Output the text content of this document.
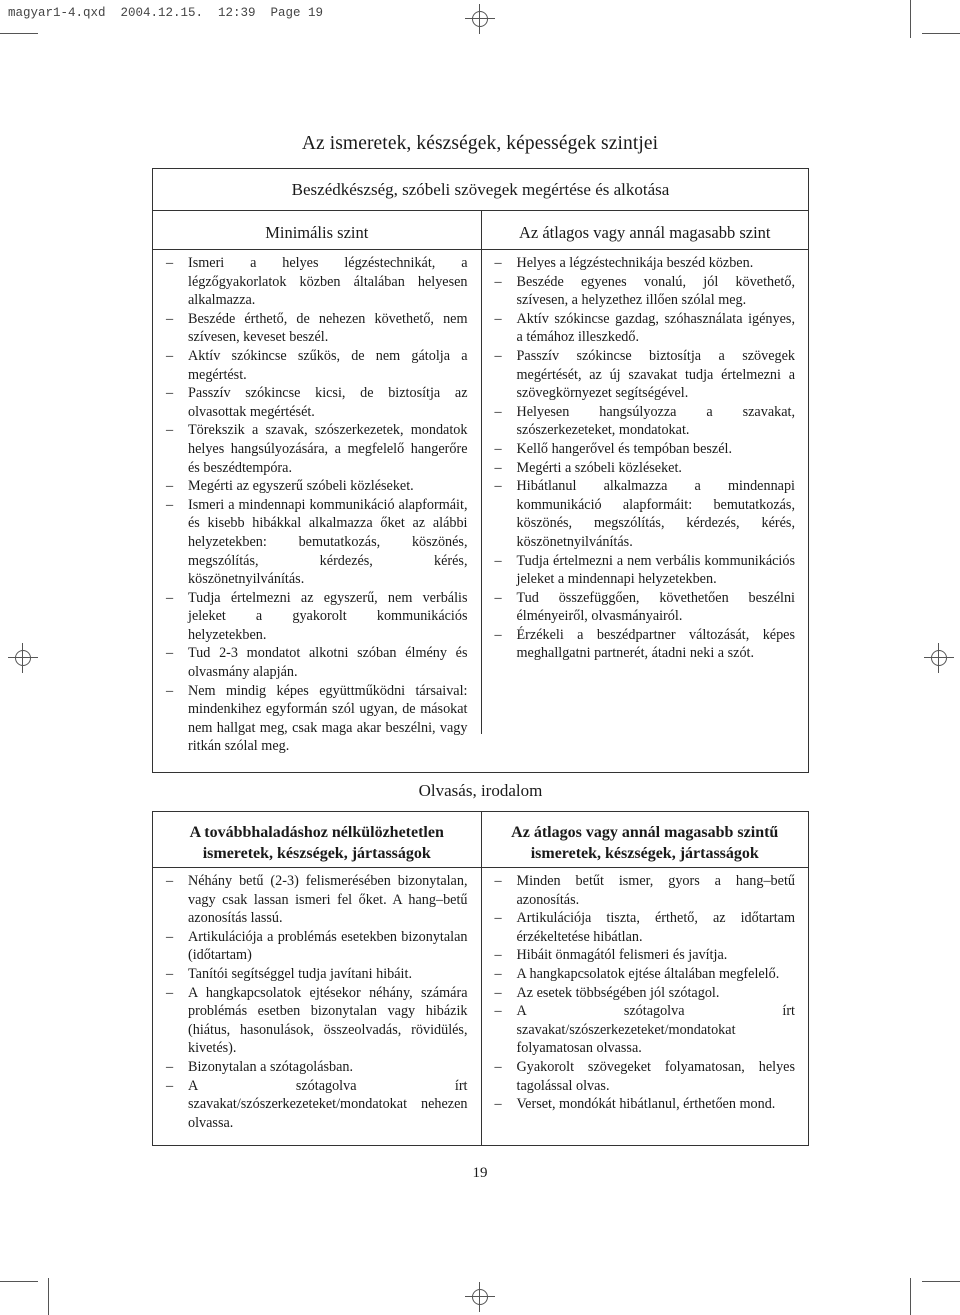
magyar1-4.qxd  2004.12.15.  12:39  Page 19
Az ismeretek, készségek, képességek szintjei
Beszédkészség, szóbeli szövegek megértése és alkotása
Minimális szint
– Ismeri a helyes légzéstechnikát, a légzőgyakorlatok közben általában helyesen alkalmazza.
– Beszéde érthető, de nehezen követhető, nem szívesen, keveset beszél.
– Aktív szókincse szűkös, de nem gátolja a megértést.
– Passzív szókincse kicsi, de biztosítja az olvasottak megértését.
– Törekszik a szavak, szószerkezetek, mondatok helyes hangsúlyozására, a megfelelő hangerőre és beszédtempóra.
– Megérti az egyszerű szóbeli közléseket.
– Ismeri a mindennapi kommunikáció alapformáit, és kisebb hibákkal alkalmazza őket az alábbi helyzetekben: bemutatkozás, köszönés, megszólítás, kérdezés, kérés, köszönetnyilvánítás.
– Tudja értelmezni az egyszerű, nem verbális jeleket a gyakorolt kommunikációs helyzetekben.
– Tud 2-3 mondatot alkotni szóban élmény és olvasmány alapján.
– Nem mindig képes együttműködni társaival: mindenkihez egyformán szól ugyan, de másokat nem hallgat meg, csak maga akar beszélni, vagy ritkán szólal meg.
Az átlagos vagy annál magasabb szint
– Helyes a légzéstechnikája beszéd közben.
– Beszéde egyenes vonalú, jól követhető, szívesen, a helyzethez illően szólal meg.
– Aktív szókincse gazdag, szóhasználata igényes, a témához illeszkedő.
– Passzív szókincse biztosítja a szövegek megértését, az új szavakat tudja értelmezni a szövegkörnyezet segítségével.
– Helyesen hangsúlyozza a szavakat, szószerkezeteket, mondatokat.
– Kellő hangerővel és tempóban beszél.
– Megérti a szóbeli közléseket.
– Hibátlanul alkalmazza a mindennapi kommunikáció alapformáit: bemutatkozás, köszönés, megszólítás, kérdezés, kérés, köszönetnyilvánítás.
– Tudja értelmezni a nem verbális kommunikációs jeleket a mindennapi helyzetekben.
– Tud összefüggően, követhetően beszélni élményeiről, olvasmányairól.
– Érzékeli a beszédpartner változását, képes meghallgatni partnerét, átadni neki a szót.
Olvasás, irodalom
A továbbhaladáshoz nélkülözhetetlen ismeretek, készségek, jártasságok
– Néhány betű (2-3) felismerésében bizonytalan, vagy csak lassan ismeri fel őket. A hang–betű azonosítás lassú.
– Artikulációja a problémás esetekben bizonytalan (időtartam)
– Tanítói segítséggel tudja javítani hibáit.
– A hangkapcsolatok ejtésekor néhány, számára problémás esetben bizonytalan vagy hibázik (hiátus, hasonulások, összeolvadás, rövidülés, kivetés).
– Bizonytalan a szótagolásban.
– A szótagolva írt szavakat/szószerkezeteket/mondatokat nehezen olvassa.
Az átlagos vagy annál magasabb szintű ismeretek, készségek, jártasságok
– Minden betűt ismer, gyors a hang–betű azonosítás.
– Artikulációja tiszta, érthető, az időtartam érzékeltetése hibátlan.
– Hibáit önmagától felismeri és javítja.
– A hangkapcsolatok ejtése általában megfelelő.
– Az esetek többségében jól szótagol.
– A szótagolva írt szavakat/szószerkezeteket/mondatokat folyamatosan olvassa.
– Gyakorolt szövegeket folyamatosan, helyes tagolással olvas.
– Verset, mondókát hibátlanul, érthetően mond.
19
